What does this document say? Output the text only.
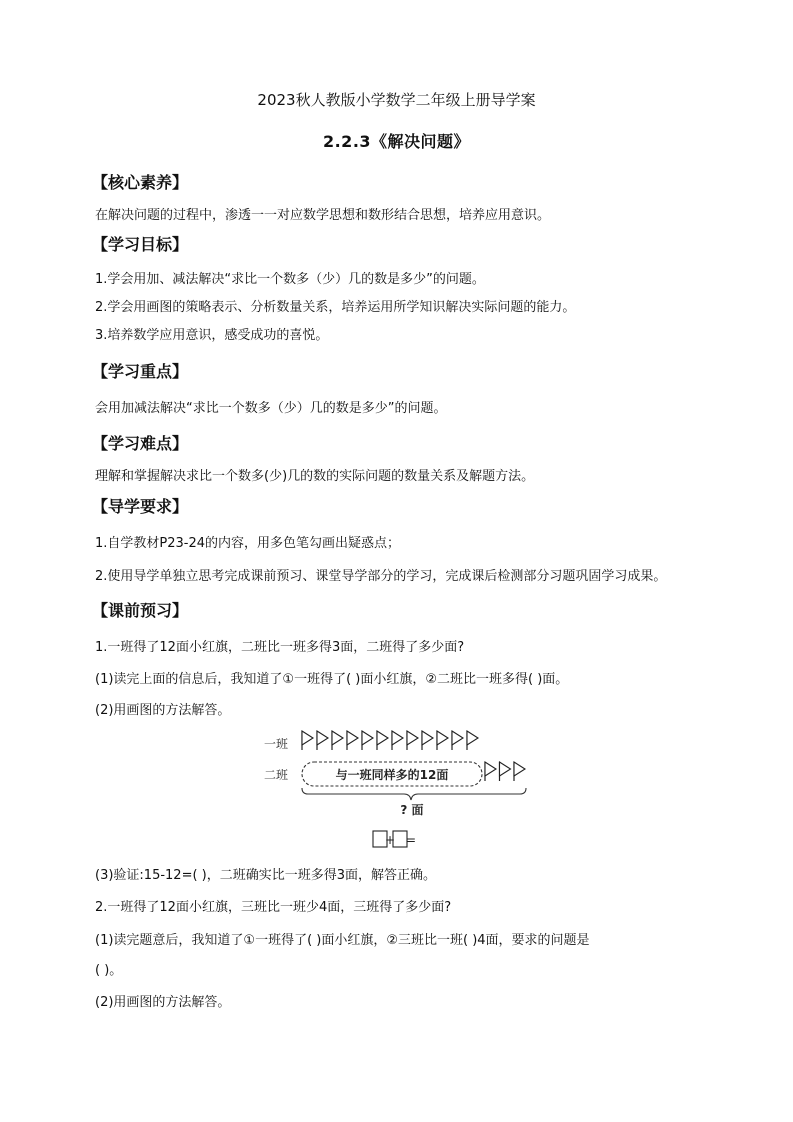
2023秋人教版小学数学二年级上册导学案
2.2.3《解决问题》
【核心素养】
在解决问题的过程中，渗透一一对应数学思想和数形结合思想，培养应用意识。
【学习目标】
1.学会用加、减法解决“求比一个数多（少）几的数是多少”的问题。
2.学会用画图的策略表示、分析数量关系，培养运用所学知识解决实际问题的能力。
3.培养数学应用意识，感受成功的喜悦。
【学习重点】
会用加减法解决“求比一个数多（少）几的数是多少”的问题。
【学习难点】
理解和掌握解决求比一个数多(少)几的数的实际问题的数量关系及解题方法。
【导学要求】
1.自学教材P23-24的内容，用多色笔勾画出疑惑点；
2.使用导学单独立思考完成课前预习、课堂导学部分的学习，完成课后检测部分习题巩固学习成果。
【课前预习】
1.一班得了12面小红旗，二班比一班多得3面，二班得了多少面?
(1)读完上面的信息后，我知道了①一班得了( )面小红旗，②二班比一班多得( )面。
(2)用画图的方法解答。
一班
二班	与一班同样多的12面
? 面
+ =
(3)验证:15-12=( )，二班确实比一班多得3面，解答正确。
2.一班得了12面小红旗，三班比一班少4面，三班得了多少面?
(1)读完题意后，我知道了①一班得了( )面小红旗，②三班比一班( )4面，要求的问题是
( )。
(2)用画图的方法解答。
